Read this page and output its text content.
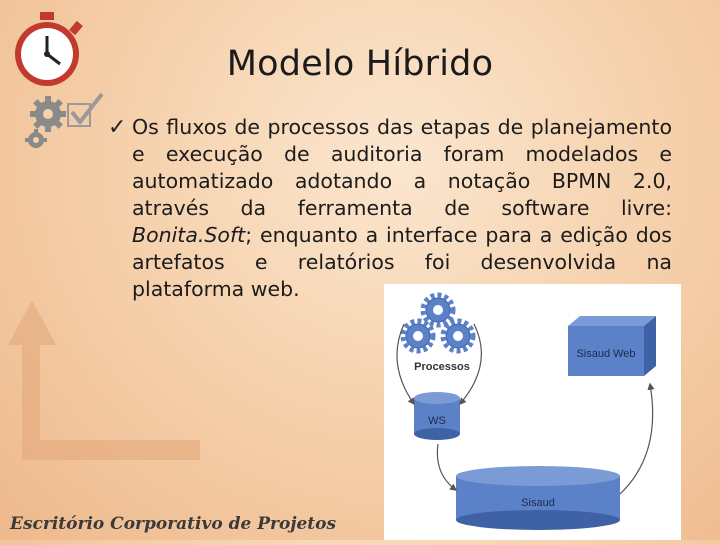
Modelo Híbrido
✓ Os fluxos de processos das etapas de planejamento e execução de auditoria foram modelados e automatizado adotando a notação BPMN 2.0, através da ferramenta de software livre: Bonita.Soft; enquanto a interface para a edição dos artefatos e relatórios foi desenvolvida na plataforma web.
Processos
WS
Sisaud Web
Sisaud
Escritório Corporativo de Projetos
